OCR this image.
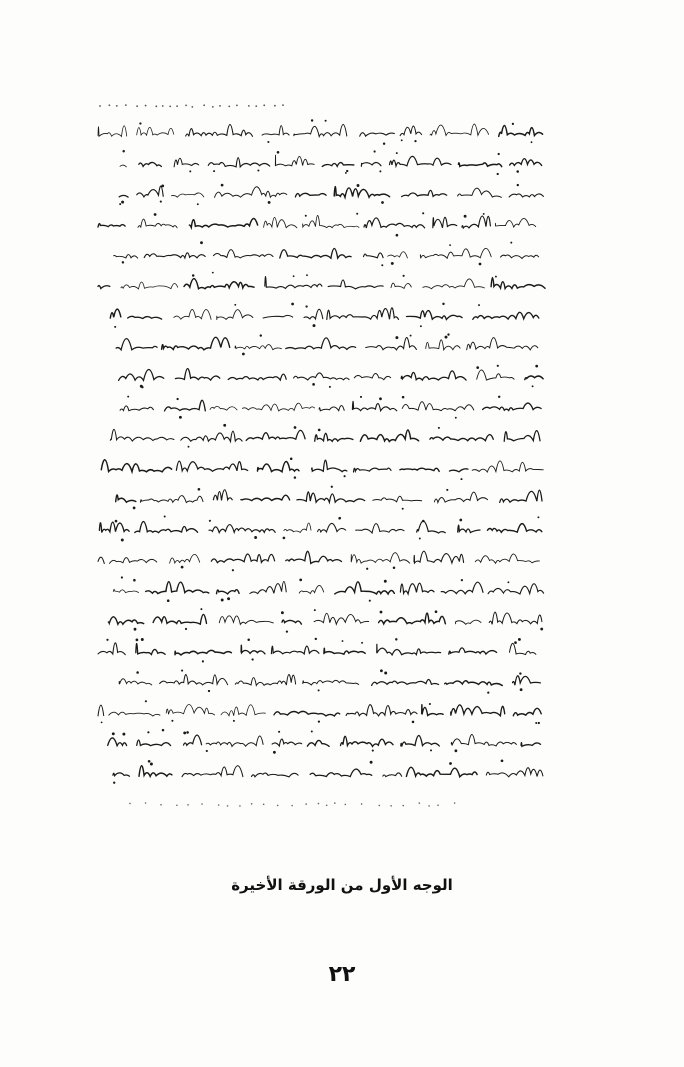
الوجه الأول من الورقة الأخيرة
٢٢
